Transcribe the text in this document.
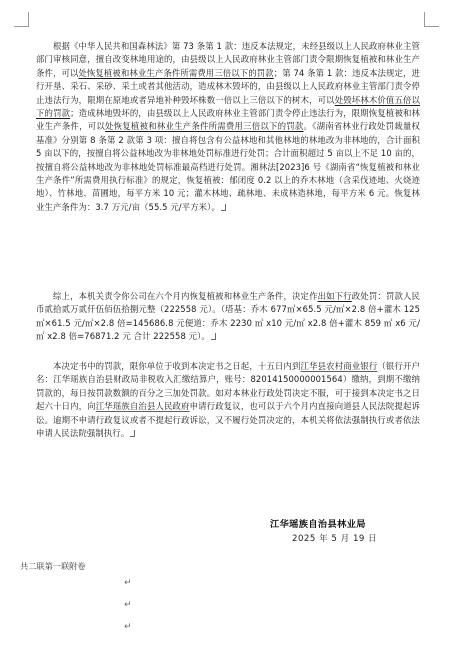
根据《中华人民共和国森林法》第 73 条第 1 款：违反本法规定，未经县级以上人民政府林业主管部门审核同意，擅自改变林地用途的，由县级以上人民政府林业主管部门责令限期恢复植被和林业生产条件，可以处恢复植被和林业生产条件所需费用三倍以下的罚款；第 74 条第 1 款：违反本法规定，进行开垦、采石、采砂、采土或者其他活动，造成林木毁坏的，由县级以上人民政府林业主管部门责令停止违法行为，限期在原地或者异地补种毁坏株数一倍以上三倍以下的树木，可以处毁坏林木价值五倍以下的罚款；造成林地毁坏的，由县级以上人民政府林业主管部门责令停止违法行为，限期恢复植被和林业生产条件，可以处恢复植被和林业生产条件所需费用三倍以下的罚款。《湖南省林业行政处罚裁量权基准》分别第 8 条第 2 款第 3 项：擅自将包含有公益林地和其他林地的林地改为非林地的，合计面积 5 亩以下的，按擅自将公益林地改为非林地处罚标准进行处罚；合计面积超过 5 亩以上不足 10 亩的，按擅自将公益林地改为非林地处罚标准最高档进行处罚。湘林法[2023]6 号《湖南省“恢复植被和林业生产条件”所需费用执行标准》的规定，恢复植被：郁闭度 0.2 以上的乔木林地（含采伐迹地、火烧迹地）、竹林地、苗圃地，每平方米 10 元；灌木林地、疏林地、未成林造林地，每平方米 6 元。恢复林业生产条件为：3.7 万元/亩（55.5 元/平方米）。
综上，本机关责令你公司在六个月内恢复植被和林业生产条件，决定作出如下行政处罚：罚款人民币贰拾贰万贰仟伍佰伍拾捌元整（222558 元）。（塔基：乔木 677㎡×65.5 元/㎡×2.8 倍+灌木 125 ㎡×61.5 元/㎡×2.8 倍=145686.8 元便道：乔木 2230 ㎡ x10 元/㎡ x2.8 倍+灌木 859 ㎡ x6 元/㎡ x2.8 倍=76871.2 元 合计 222558 元）。
本决定书中的罚款，限你单位于收到本决定书之日起，十五日内到江华县农村商业银行（银行开户名：江华瑶族自治县财政局非税收入汇缴结算户，账号：82014150000001564）缴纳，到期不缴纳罚款的，每日按罚款数额的百分之三加处罚款。如对本林业行政处罚决定不服，可于接到本决定书之日起六十日内，向江华瑶族自治县人民政府申请行政复议，也可以于六个月内直接向道县人民法院提起诉讼。逾期不申请行政复议或者不提起行政诉讼，又不履行处罚决定的，本机关将依法强制执行或者依法申请人民法院强制执行。
江华瑶族自治县林业局
2025 年 5 月 19 日
共二联第一联附卷
↵
↵
↵
